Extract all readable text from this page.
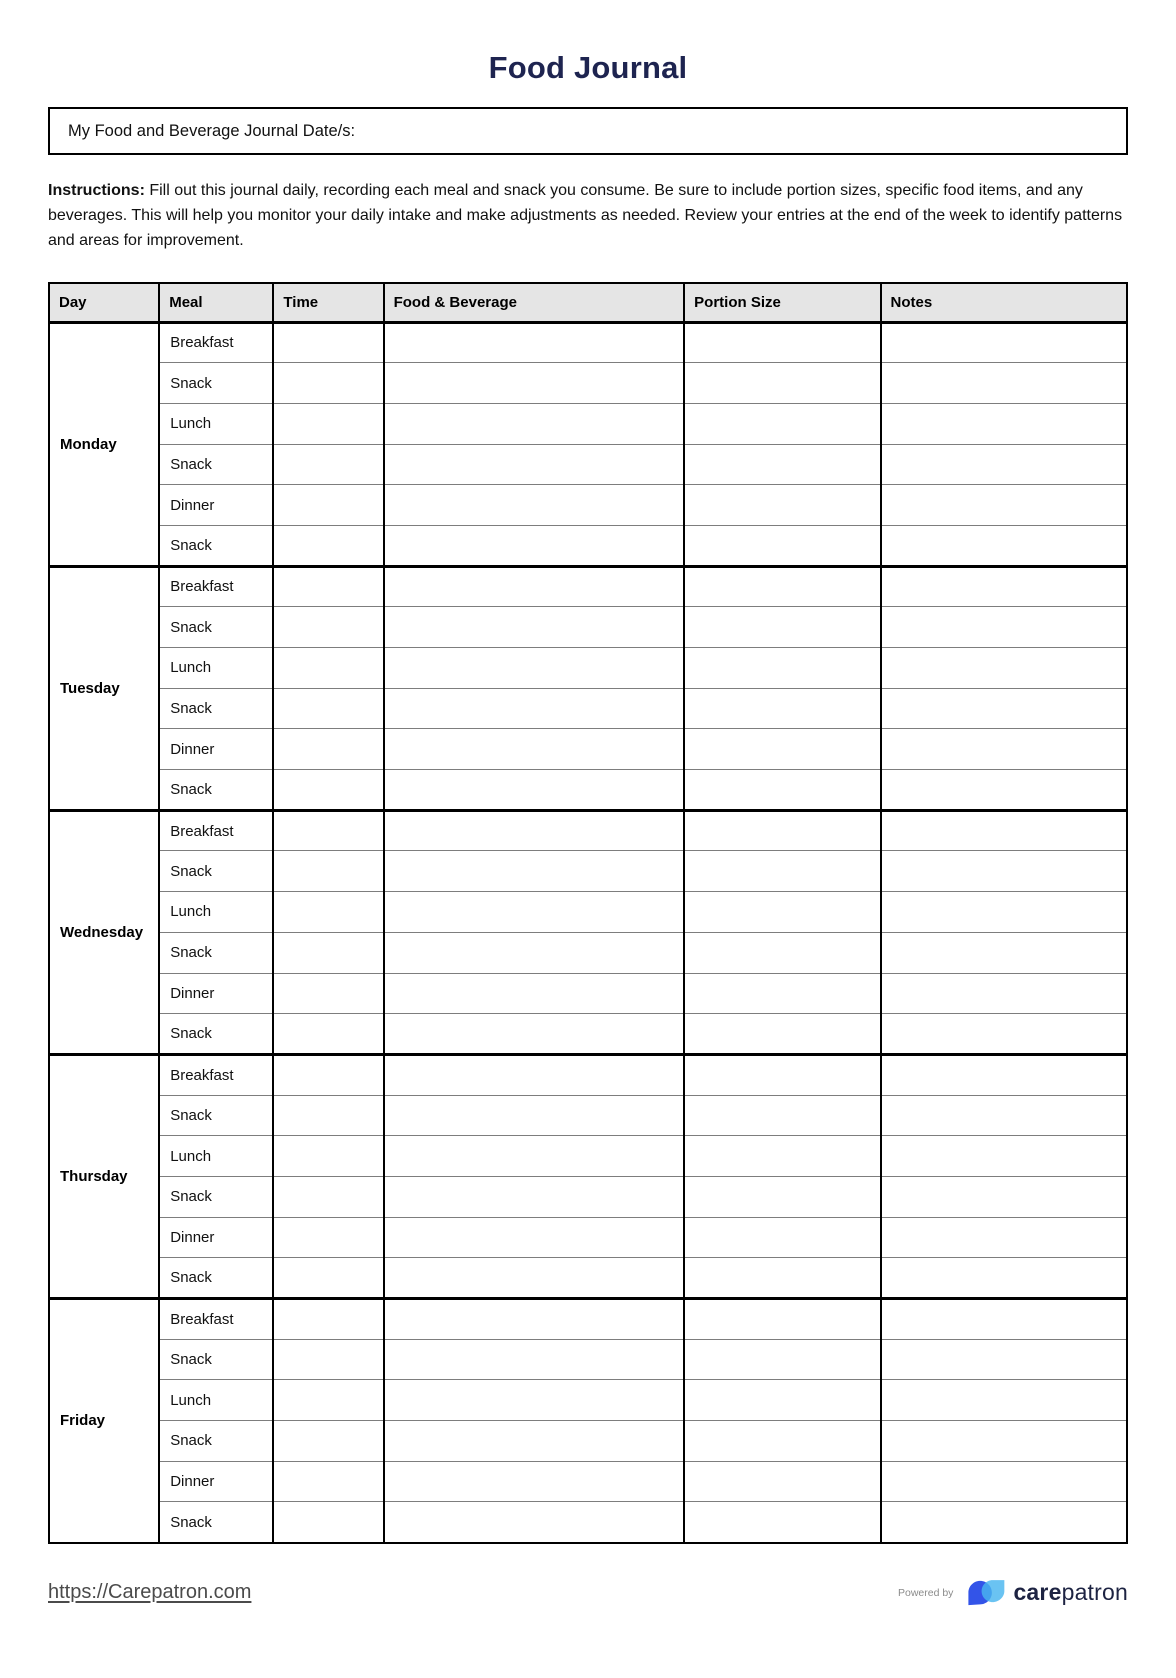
Food Journal
My Food and Beverage Journal Date/s:

Instructions: Fill out this journal daily, recording each meal and snack you consume. Be sure to include portion sizes, specific food items, and any beverages. This will help you monitor your daily intake and make adjustments as needed. Review your entries at the end of the week to identify patterns and areas for improvement.

Day	Meal	Time	Food & Beverage	Portion Size	Notes
Monday	Breakfast				
	Snack				
	Lunch				
	Snack				
	Dinner				
	Snack				
Tuesday	Breakfast				
	Snack				
	Lunch				
	Snack				
	Dinner				
	Snack				
Wednesday	Breakfast				
	Snack				
	Lunch				
	Snack				
	Dinner				
	Snack				
Thursday	Breakfast				
	Snack				
	Lunch				
	Snack				
	Dinner				
	Snack				
Friday	Breakfast				
	Snack				
	Lunch				
	Snack				
	Dinner				
	Snack				
https://Carepatron.com	Powered by	carepatron
